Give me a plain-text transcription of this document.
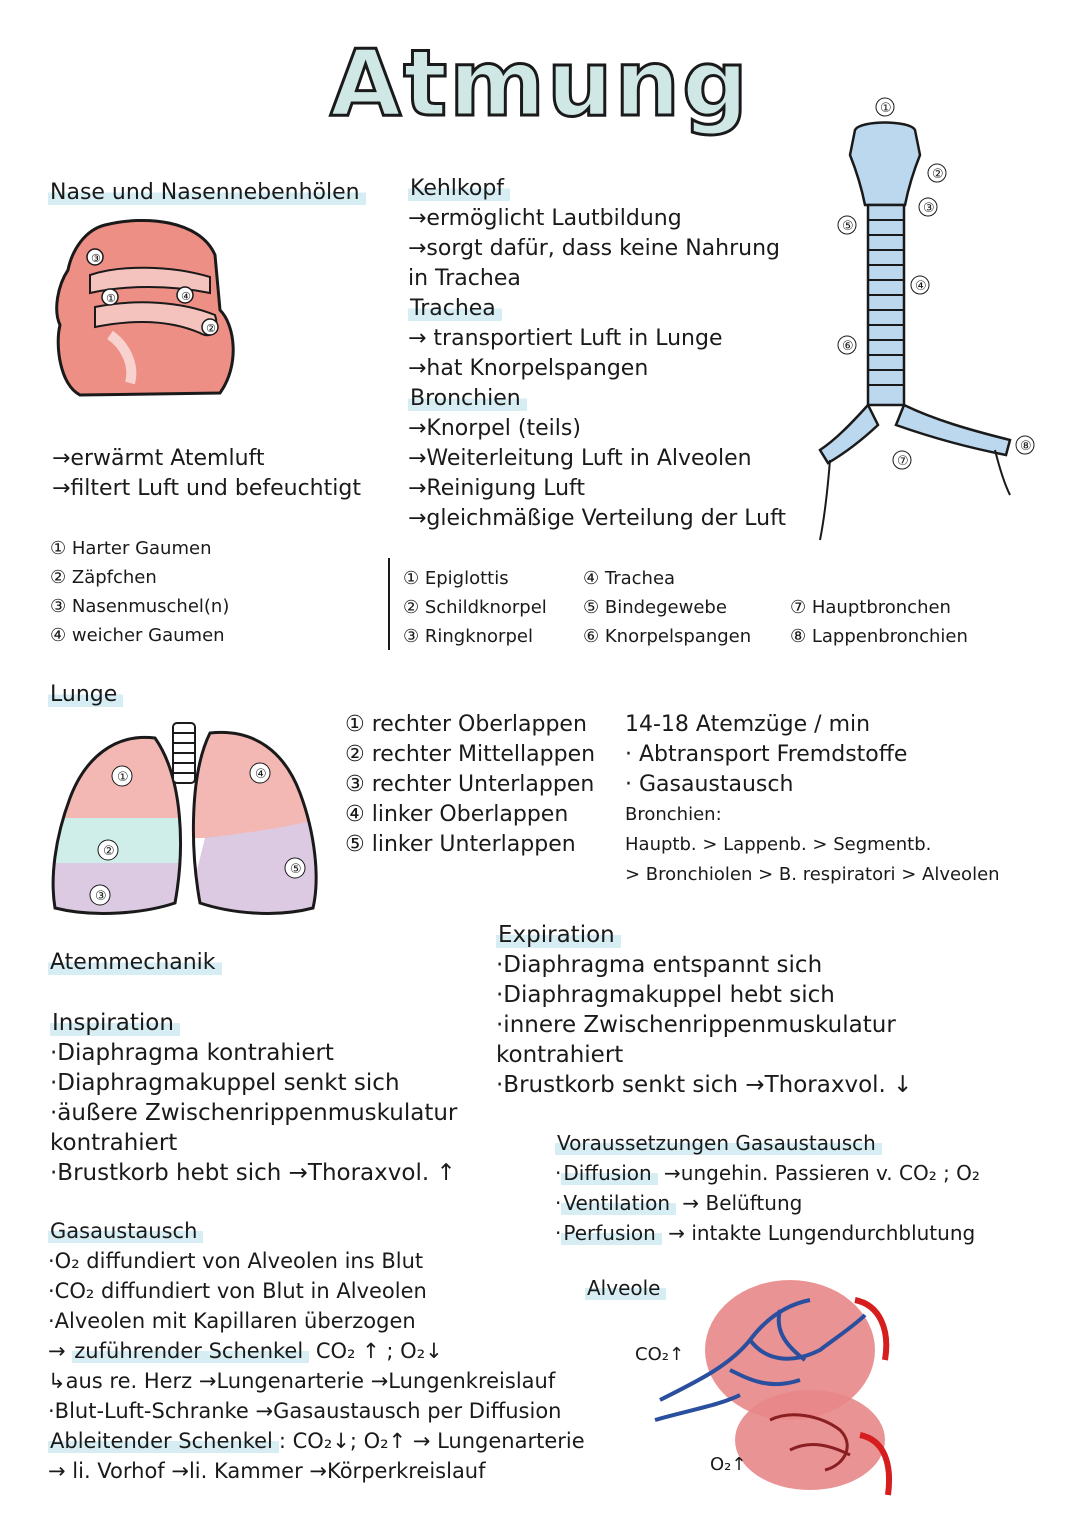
Atmung
Nase und Nasennebenhölen
③
①	④
②
→erwärmt Atemluft
→filtert Luft und befeuchtigt
① Harter Gaumen
② Zäpfchen
③ Nasenmuschel(n)
④ weicher Gaumen
Kehlkopf
→ermöglicht Lautbildung
→sorgt dafür, dass keine Nahrung
in Trachea
Trachea
→ transportiert Luft in Lunge
→hat Knorpelspangen
Bronchien
→Knorpel (teils)
→Weiterleitung Luft in Alveolen
→Reinigung Luft
→gleichmäßige Verteilung der Luft
①
②
③
④
⑤
⑥
⑦
⑧
① Epiglottis
② Schildknorpel
③ Ringknorpel
④ Trachea
⑤ Bindegewebe
⑥ Knorpelspangen
⑦ Hauptbronchen
⑧ Lappenbronchien
Lunge
①
②
③
④
⑤
① rechter Oberlappen
② rechter Mittellappen
③ rechter Unterlappen
④ linker Oberlappen
⑤ linker Unterlappen
14-18 Atemzüge / min
· Abtransport Fremdstoffe
· Gasaustausch
Bronchien:
Hauptb. > Lappenb. > Segmentb.
> Bronchiolen > B. respiratori > Alveolen
Atemmechanik
Inspiration
·Diaphragma kontrahiert
·Diaphragmakuppel senkt sich
·äußere Zwischenrippenmuskulatur
kontrahiert
·Brustkorb hebt sich →Thoraxvol. ↑
Expiration
·Diaphragma entspannt sich
·Diaphragmakuppel hebt sich
·innere Zwischenrippenmuskulatur
kontrahiert
·Brustkorb senkt sich →Thoraxvol. ↓
Voraussetzungen Gasaustausch
· Diffusion →ungehin. Passieren v. CO₂ ; O₂
· Ventilation → Belüftung
· Perfusion → intakte Lungendurchblutung
Gasaustausch
·O₂ diffundiert von Alveolen ins Blut
·CO₂ diffundiert von Blut in Alveolen
·Alveolen mit Kapillaren überzogen
→ zuführender Schenkel CO₂ ↑ ; O₂↓
↳aus re. Herz →Lungenarterie →Lungenkreislauf
·Blut-Luft-Schranke →Gasaustausch per Diffusion
Ableitender Schenkel : CO₂↓; O₂↑ → Lungenarterie
→ li. Vorhof →li. Kammer →Körperkreislauf
Alveole
CO₂↑
O₂↑
